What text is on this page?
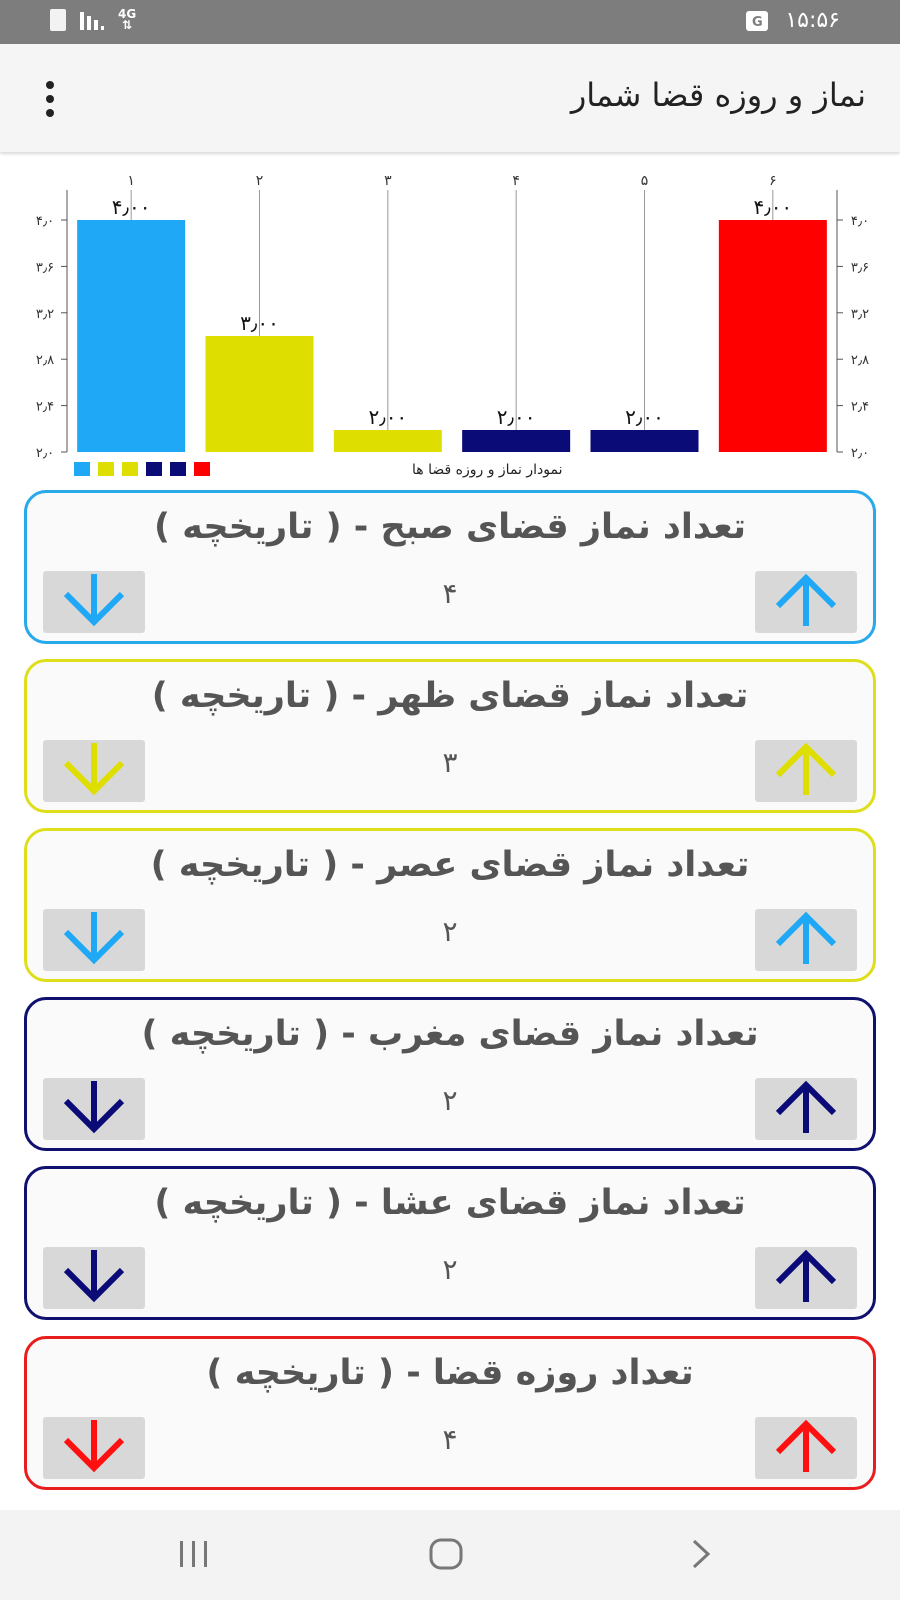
4G
⇅	G ۱۵:۵۶
نماز و روزه قضا شمار
۲٫۰	۲٫۰
۲٫۴	۲٫۴
۲٫۸	۲٫۸
۳٫۲	۳٫۲
۳٫۶	۳٫۶
۴٫۰	۴٫۰
۱
۴٫۰۰
۲
۳٫۰۰
۳
۲٫۰۰
۴
۲٫۰۰
۵
۲٫۰۰
۶
۴٫۰۰
نمودار نماز و روزه قضا ها
تعداد نماز قضای صبح - ( تاریخچه )
۴
تعداد نماز قضای ظهر - ( تاریخچه )
۳
تعداد نماز قضای عصر - ( تاریخچه )
۲
تعداد نماز قضای مغرب - ( تاریخچه )
۲
تعداد نماز قضای عشا - ( تاریخچه )
۲
تعداد روزه قضا - ( تاریخچه )
۴
